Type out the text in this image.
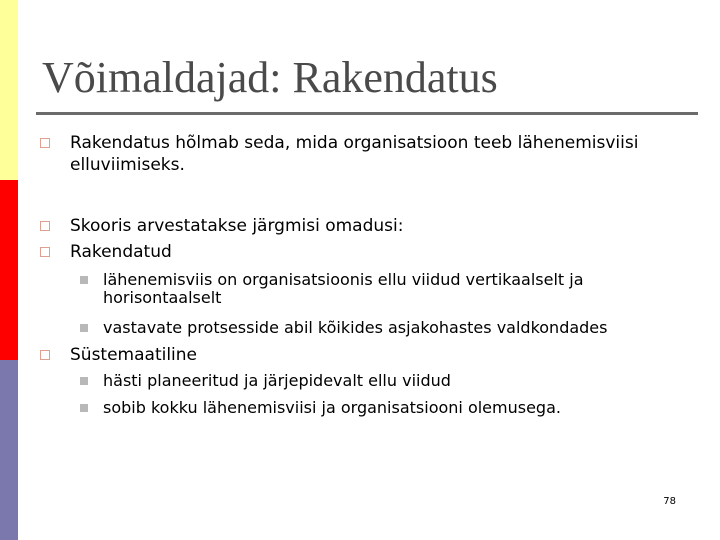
Võimaldajad: Rakendatus
Rakendatus hõlmab seda, mida organisatsioon teeb lähenemisviisi elluviimiseks.
Skooris arvestatakse järgmisi omadusi:
Rakendatud
lähenemisviis on organisatsioonis ellu viidud vertikaalselt ja horisontaalselt
vastavate protsesside abil kõikides asjakohastes valdkondades
Süstemaatiline
hästi planeeritud ja järjepidevalt ellu viidud
sobib kokku lähenemisviisi ja organisatsiooni olemusega.
78
